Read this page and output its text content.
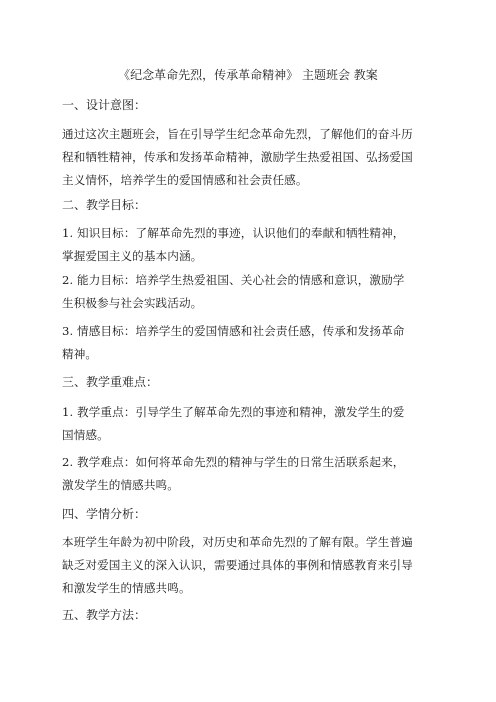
《纪念革命先烈，传承革命精神》 主题班会 教案
一、设计意图：
通过这次主题班会，旨在引导学生纪念革命先烈，了解他们的奋斗历
程和牺牲精神，传承和发扬革命精神，激励学生热爱祖国、弘扬爱国
主义情怀，培养学生的爱国情感和社会责任感。
二、教学目标：
1. 知识目标：了解革命先烈的事迹，认识他们的奉献和牺牲精神，
掌握爱国主义的基本内涵。
2. 能力目标：培养学生热爱祖国、关心社会的情感和意识，激励学
生积极参与社会实践活动。
3. 情感目标：培养学生的爱国情感和社会责任感，传承和发扬革命
精神。
三、教学重难点：
1. 教学重点：引导学生了解革命先烈的事迹和精神，激发学生的爱
国情感。
2. 教学难点：如何将革命先烈的精神与学生的日常生活联系起来，
激发学生的情感共鸣。
四、学情分析：
本班学生年龄为初中阶段，对历史和革命先烈的了解有限。学生普遍
缺乏对爱国主义的深入认识，需要通过具体的事例和情感教育来引导
和激发学生的情感共鸣。
五、教学方法：
